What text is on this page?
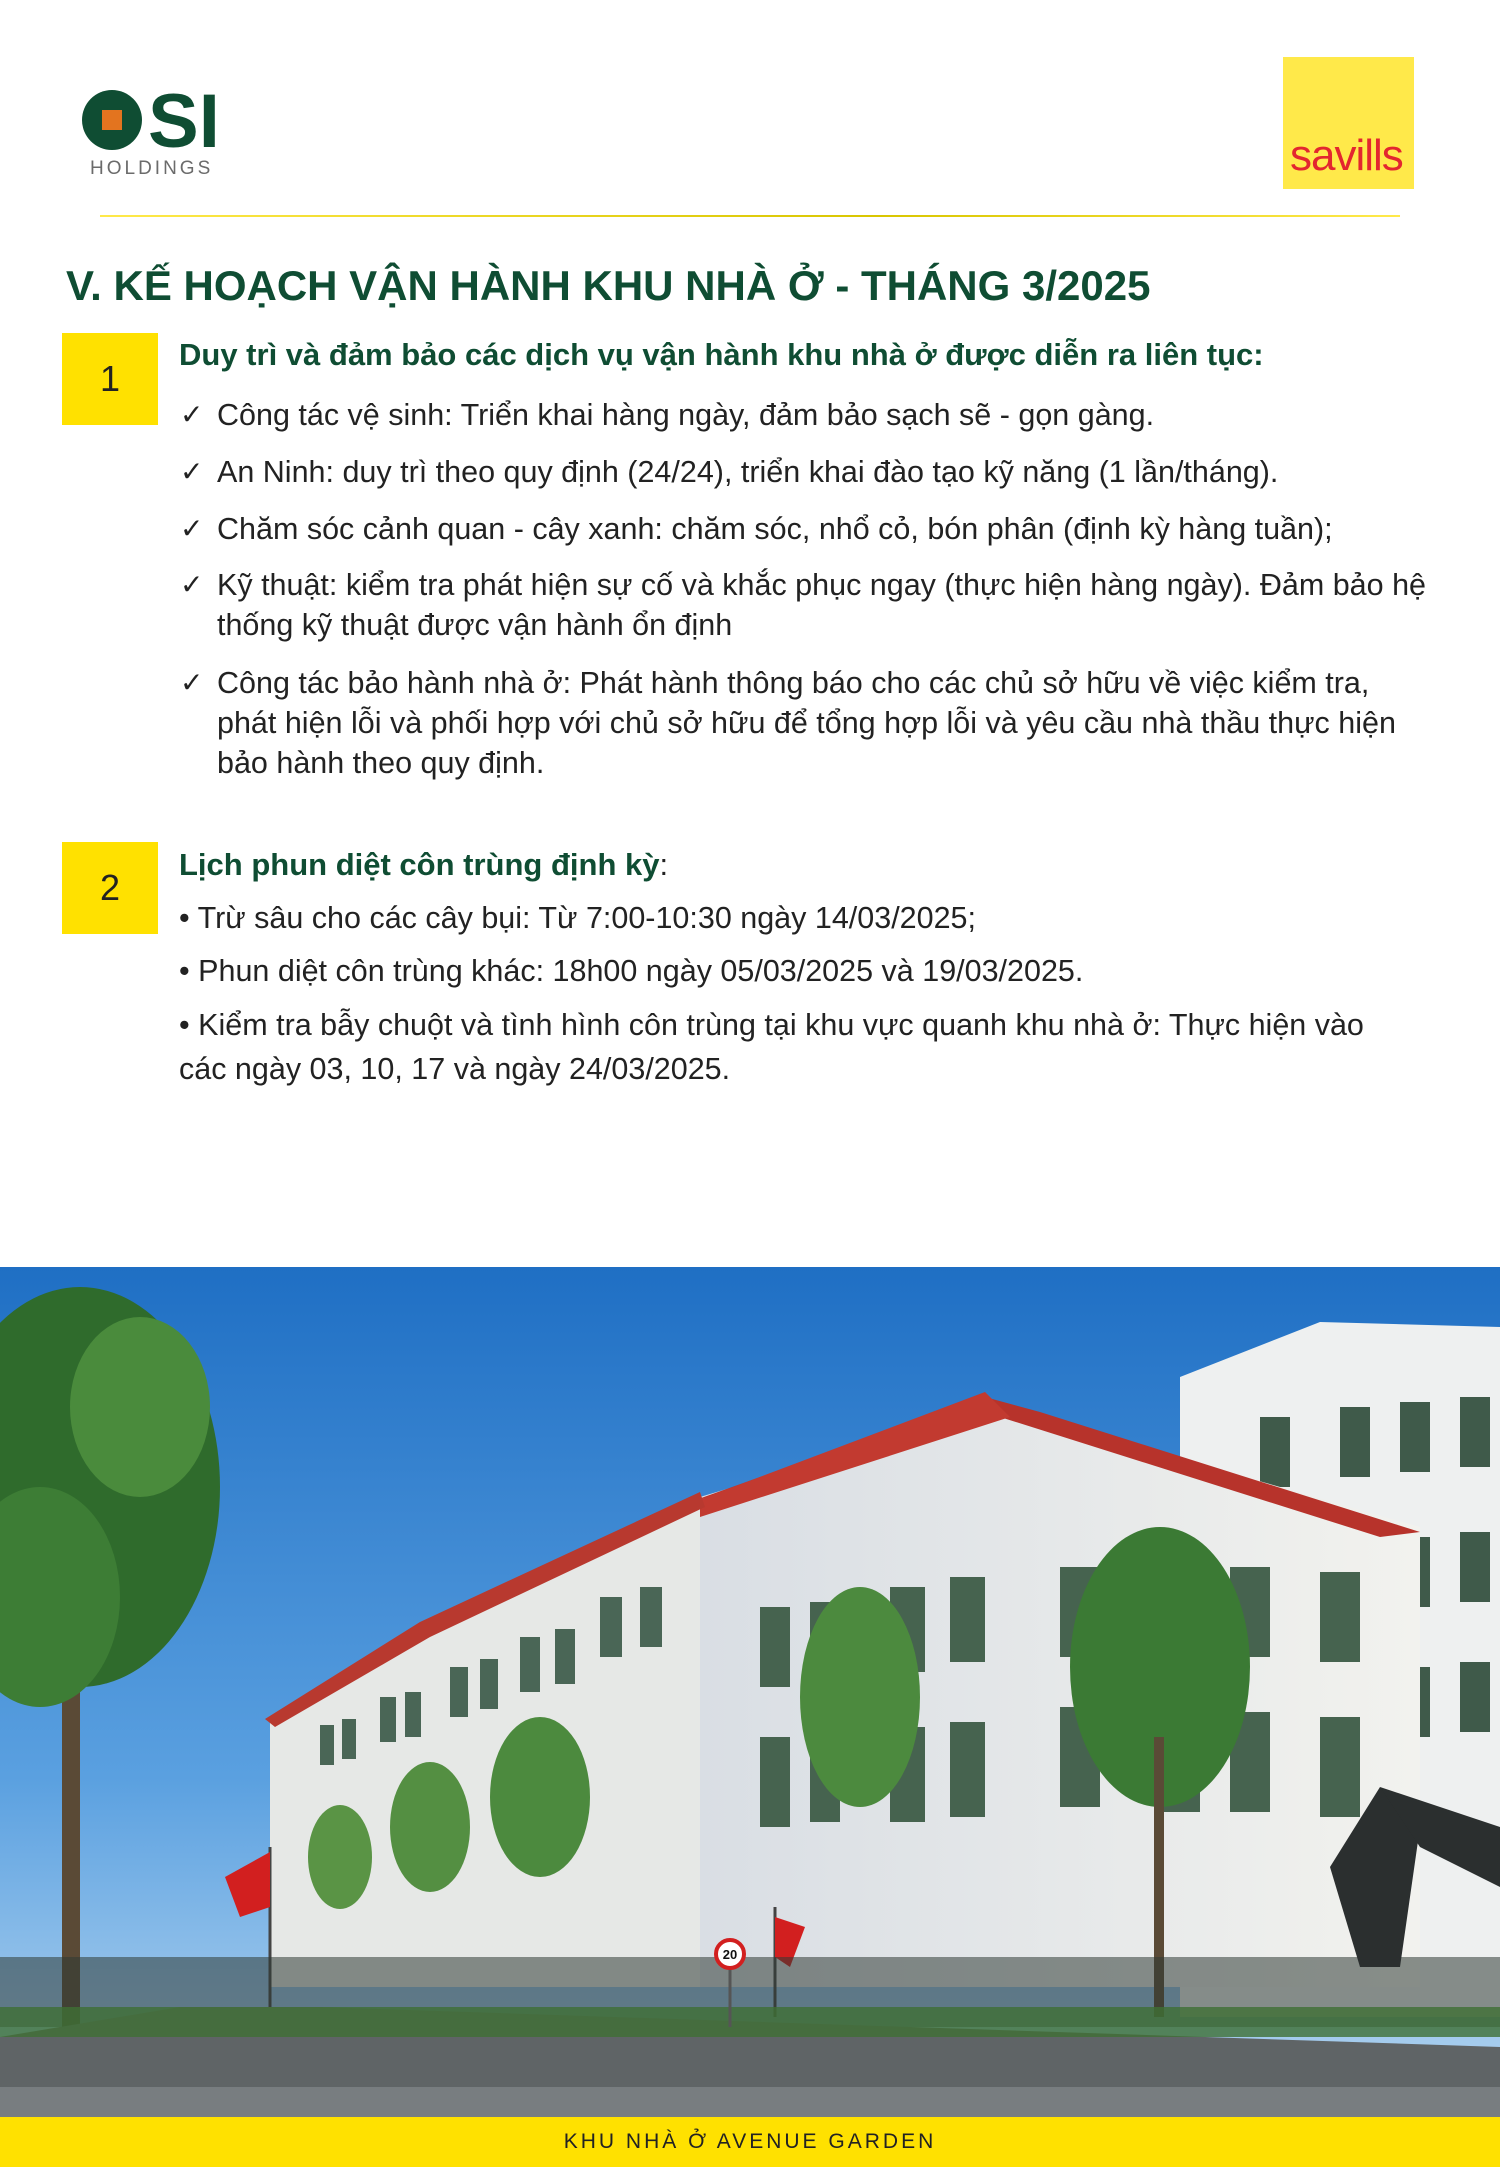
SI
HOLDINGS	savills
V. KẾ HOẠCH VẬN HÀNH KHU NHÀ Ở - THÁNG 3/2025
1
Duy trì và đảm bảo các dịch vụ vận hành khu nhà ở được diễn ra liên tục:
✓ Công tác vệ sinh: Triển khai hàng ngày, đảm bảo sạch sẽ - gọn gàng.
✓ An Ninh: duy trì theo quy định (24/24), triển khai đào tạo kỹ năng (1 lần/tháng).
✓ Chăm sóc cảnh quan - cây xanh: chăm sóc, nhổ cỏ, bón phân (định kỳ hàng tuần);
✓ Kỹ thuật: kiểm tra phát hiện sự cố và khắc phục ngay (thực hiện hàng ngày). Đảm bảo hệ thống kỹ thuật được vận hành ổn định
✓ Công tác bảo hành nhà ở: Phát hành thông báo cho các chủ sở hữu về việc kiểm tra, phát hiện lỗi và phối hợp với chủ sở hữu để tổng hợp lỗi và yêu cầu nhà thầu thực hiện bảo hành theo quy định.
2
Lịch phun diệt côn trùng định kỳ:
• Trừ sâu cho các cây bụi: Từ 7:00-10:30 ngày 14/03/2025;
• Phun diệt côn trùng khác: 18h00 ngày 05/03/2025 và 19/03/2025.
• Kiểm tra bẫy chuột và tình hình côn trùng tại khu vực quanh khu nhà ở: Thực hiện vào các ngày 03, 10, 17 và ngày 24/03/2025.
20
KHU NHÀ Ở AVENUE GARDEN
